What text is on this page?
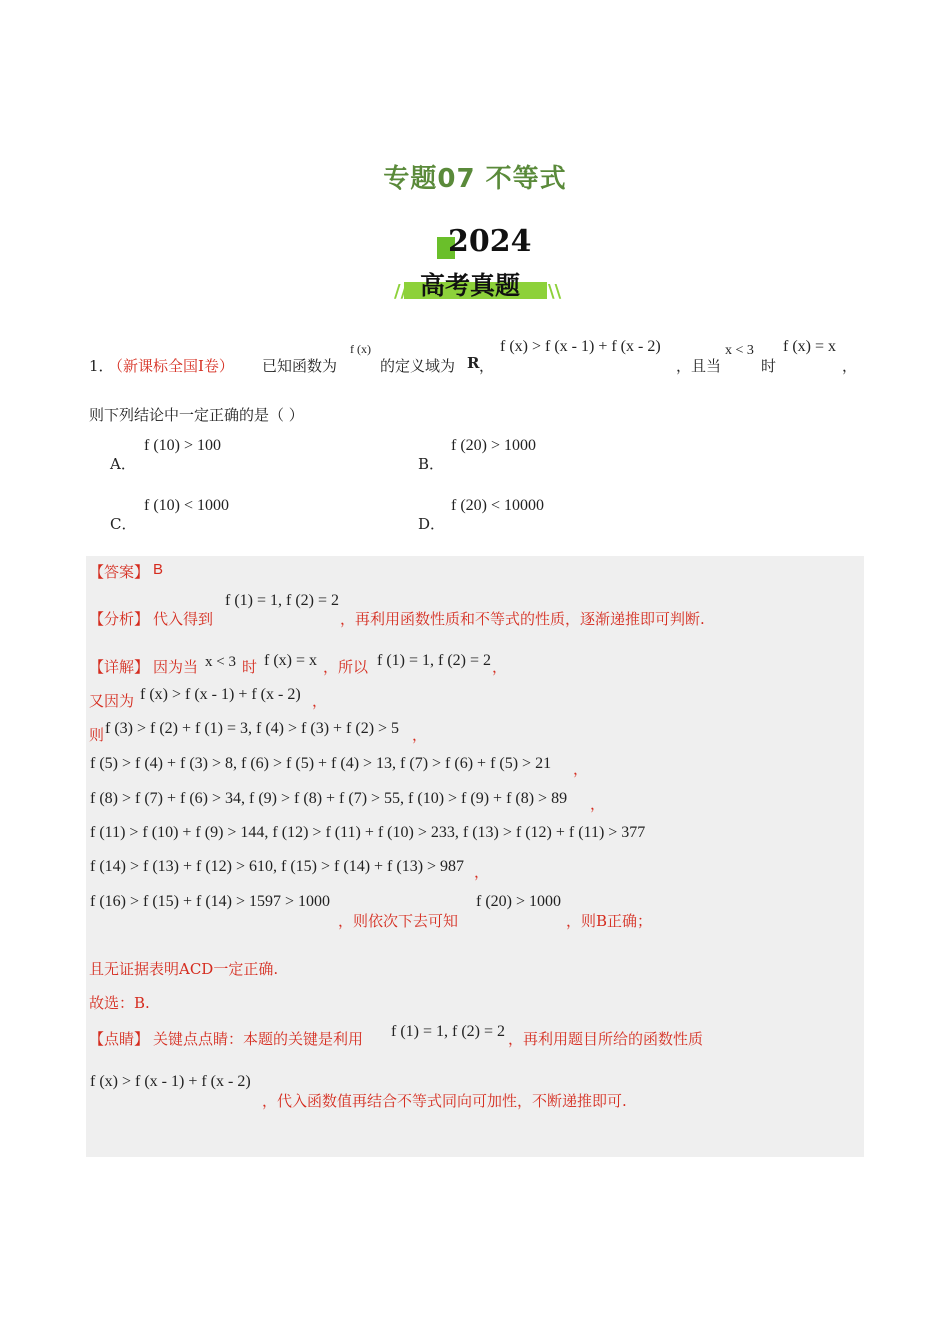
专题07 不等式
2024
// 高考真题 \\
1．
（新课标全国Ⅰ卷） 已知函数为
f (x)
的定义域为 R ，
f (x) > f (x - 1) + f (x - 2)
，且当
x < 3
时
f (x) = x
，
则下列结论中一定正确的是（ ）
A．
f (10) > 100
B．
f (20) > 1000
C．
f (10) < 1000
D．
f (20) < 10000
【答案】 B
【分析】 代入得到
f (1) = 1, f (2) = 2
，再利用函数性质和不等式的性质，逐渐递推即可判断.
【详解】 因为当 x < 3 时 f (x) = x ，所以 f (1) = 1, f (2) = 2 ，
又因为 f (x) > f (x - 1) + f (x - 2) ，
则 f (3) > f (2) + f (1) = 3, f (4) > f (3) + f (2) > 5 ，
f (5) > f (4) + f (3) > 8, f (6) > f (5) + f (4) > 13, f (7) > f (6) + f (5) > 21 ，
f (8) > f (7) + f (6) > 34, f (9) > f (8) + f (7) > 55, f (10) > f (9) + f (8) > 89 ，
f (11) > f (10) + f (9) > 144, f (12) > f (11) + f (10) > 233, f (13) > f (12) + f (11) > 377
f (14) > f (13) + f (12) > 610, f (15) > f (14) + f (13) > 987 ，
f (16) > f (15) + f (14) > 1597 > 1000
，则依次下去可知
f (20) > 1000
，则B正确；
且无证据表明ACD一定正确.
故选：B.
【点睛】 关键点点睛：本题的关键是利用 f (1) = 1, f (2) = 2 ，再利用题目所给的函数性质
f (x) > f (x - 1) + f (x - 2)
，代入函数值再结合不等式同向可加性，不断递推即可.
